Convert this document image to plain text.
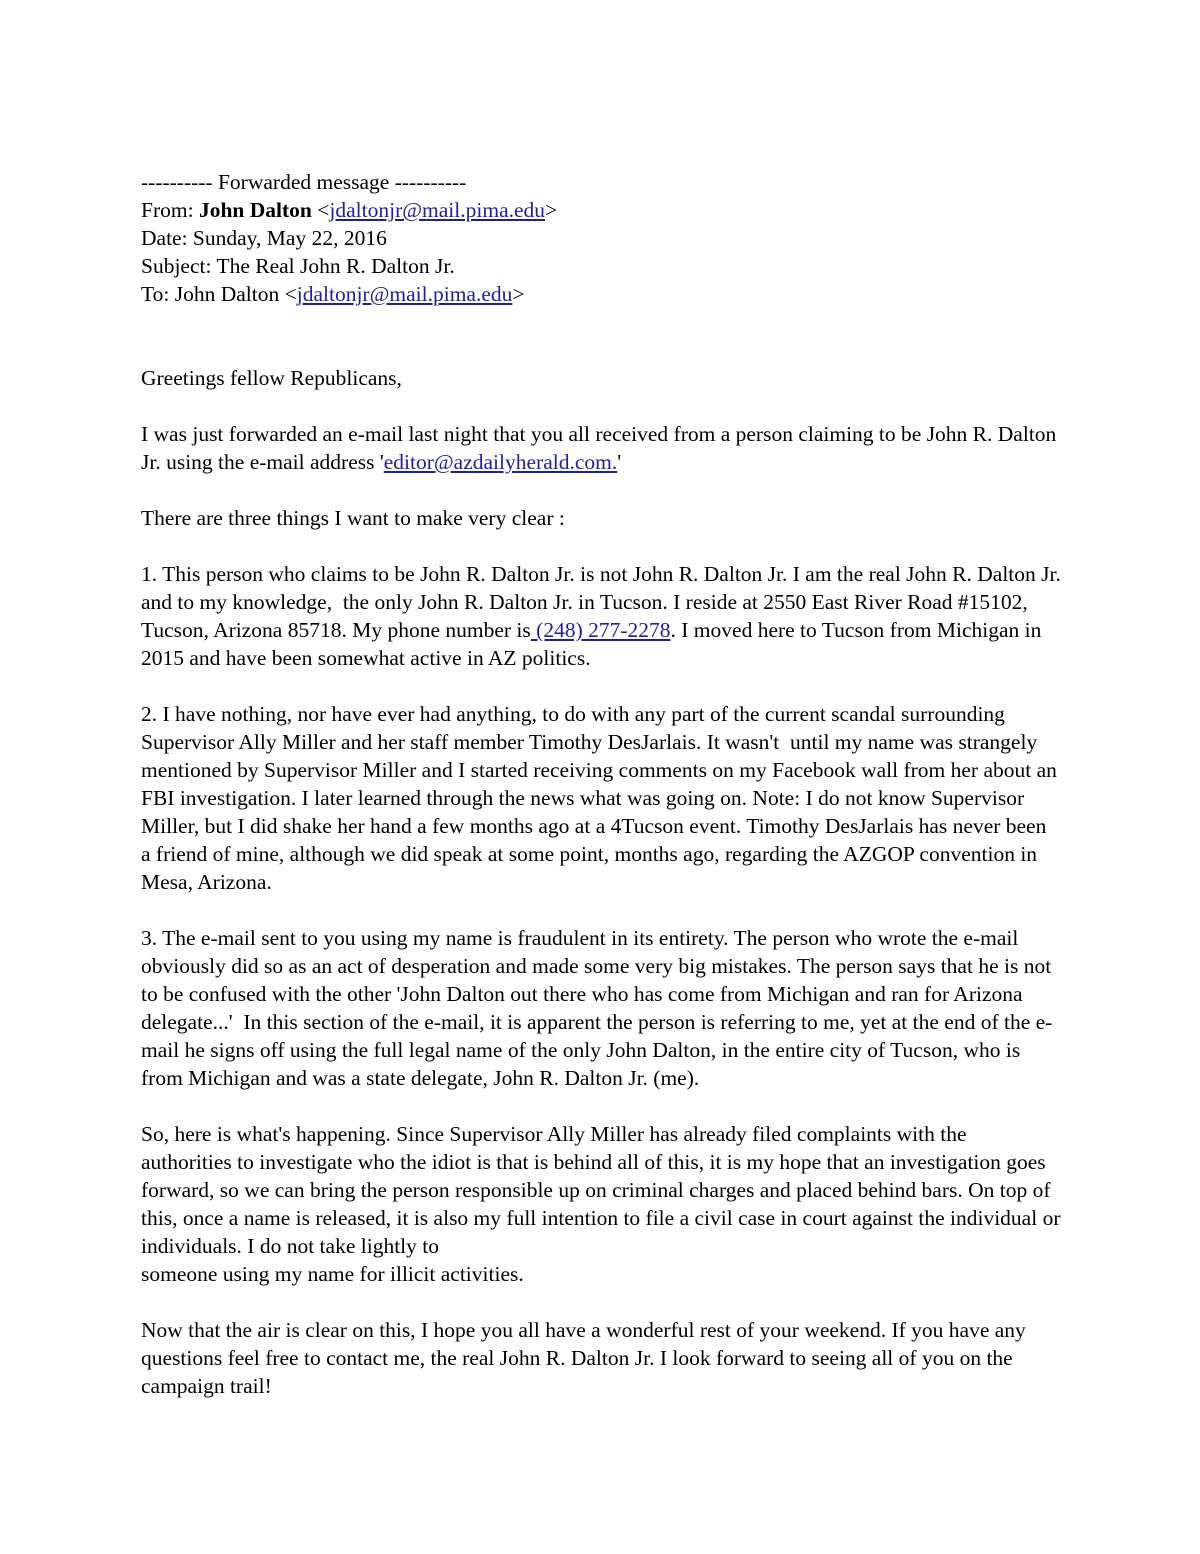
---------- Forwarded message ----------
From: John Dalton <jdaltonjr@mail.pima.edu>
Date: Sunday, May 22, 2016
Subject: The Real John R. Dalton Jr.
To: John Dalton <jdaltonjr@mail.pima.edu>

Greetings fellow Republicans,

I was just forwarded an e-mail last night that you all received from a person claiming to be John R. Dalton Jr. using the e-mail address 'editor@azdailyherald.com.'

There are three things I want to make very clear :

1. This person who claims to be John R. Dalton Jr. is not John R. Dalton Jr. I am the real John R. Dalton Jr. and to my knowledge,  the only John R. Dalton Jr. in Tucson. I reside at 2550 East River Road #15102, Tucson, Arizona 85718. My phone number is (248) 277-2278. I moved here to Tucson from Michigan in 2015 and have been somewhat active in AZ politics.

2. I have nothing, nor have ever had anything, to do with any part of the current scandal surrounding Supervisor Ally Miller and her staff member Timothy DesJarlais. It wasn't  until my name was strangely mentioned by Supervisor Miller and I started receiving comments on my Facebook wall from her about an FBI investigation. I later learned through the news what was going on. Note: I do not know Supervisor Miller, but I did shake her hand a few months ago at a 4Tucson event. Timothy DesJarlais has never been a friend of mine, although we did speak at some point, months ago, regarding the AZGOP convention in Mesa, Arizona.

3. The e-mail sent to you using my name is fraudulent in its entirety. The person who wrote the e-mail obviously did so as an act of desperation and made some very big mistakes. The person says that he is not to be confused with the other 'John Dalton out there who has come from Michigan and ran for Arizona delegate...'  In this section of the e-mail, it is apparent the person is referring to me, yet at the end of the e-mail he signs off using the full legal name of the only John Dalton, in the entire city of Tucson, who is from Michigan and was a state delegate, John R. Dalton Jr. (me).

So, here is what's happening. Since Supervisor Ally Miller has already filed complaints with the authorities to investigate who the idiot is that is behind all of this, it is my hope that an investigation goes forward, so we can bring the person responsible up on criminal charges and placed behind bars. On top of this, once a name is released, it is also my full intention to file a civil case in court against the individual or individuals. I do not take lightly to
someone using my name for illicit activities.

Now that the air is clear on this, I hope you all have a wonderful rest of your weekend. If you have any questions feel free to contact me, the real John R. Dalton Jr. I look forward to seeing all of you on the campaign trail!
